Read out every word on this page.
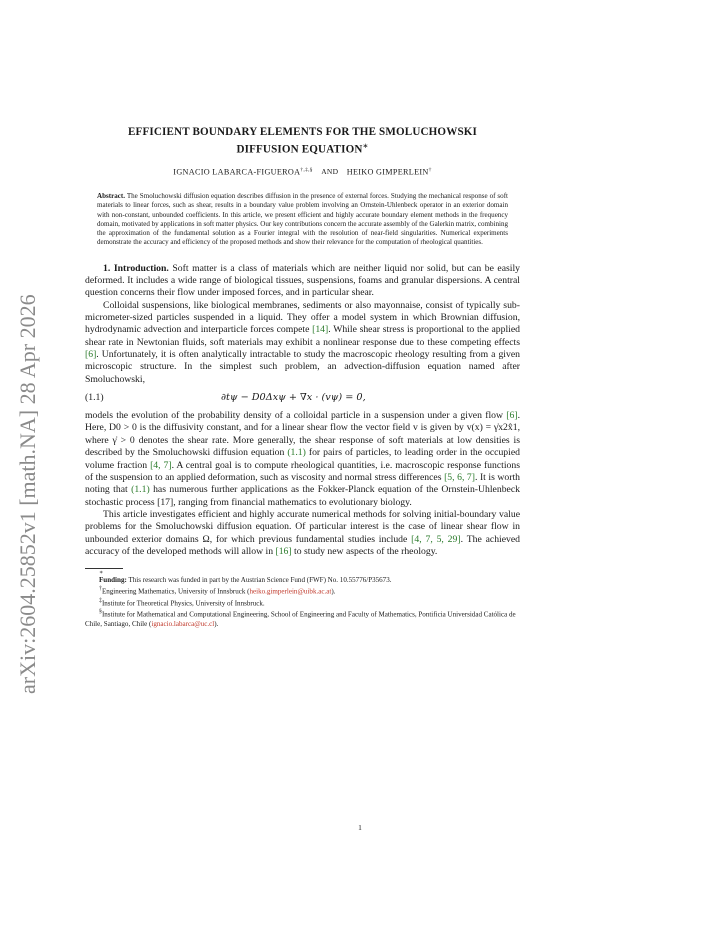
arXiv:2604.25852v1 [math.NA] 28 Apr 2026
EFFICIENT BOUNDARY ELEMENTS FOR THE SMOLUCHOWSKI
DIFFUSION EQUATION∗
IGNACIO LABARCA-FIGUEROA†,‡,§ AND HEIKO GIMPERLEIN†
Abstract. The Smoluchowski diffusion equation describes diffusion in the presence of external forces. Studying the mechanical response of soft materials to linear forces, such as shear, results in a boundary value problem involving an Ornstein-Uhlenbeck operator in an exterior domain with non-constant, unbounded coefficients. In this article, we present efficient and highly accurate boundary element methods in the frequency domain, motivated by applications in soft matter physics. Our key contributions concern the accurate assembly of the Galerkin matrix, combining the approximation of the fundamental solution as a Fourier integral with the resolution of near-field singularities. Numerical experiments demonstrate the accuracy and efficiency of the proposed methods and show their relevance for the computation of rheological quantities.

1. Introduction. Soft matter is a class of materials which are neither liquid nor solid, but can be easily deformed. It includes a wide range of biological tissues, suspensions, foams and granular dispersions. A central question concerns their flow under imposed forces, and in particular shear.

Colloidal suspensions, like biological membranes, sediments or also mayonnaise, consist of typically sub-micrometer-sized particles suspended in a liquid. They offer a model system in which Brownian diffusion, hydrodynamic advection and interparticle forces compete [14]. While shear stress is proportional to the applied shear rate in Newtonian fluids, soft materials may exhibit a nonlinear response due to these competing effects [6]. Unfortunately, it is often analytically intractable to study the macroscopic rheology resulting from a given microscopic structure. In the simplest such problem, an advection-diffusion equation named after Smoluchowski,

(1.1)	∂tψ − D0Δxψ + ∇x · (vψ) = 0,

models the evolution of the probability density of a colloidal particle in a suspension under a given flow [6]. Here, D0 > 0 is the diffusivity constant, and for a linear shear flow the vector field v is given by v(x) = γ̇x2x̂1, where γ̇ > 0 denotes the shear rate. More generally, the shear response of soft materials at low densities is described by the Smoluchowski diffusion equation (1.1) for pairs of particles, to leading order in the occupied volume fraction [4, 7]. A central goal is to compute rheological quantities, i.e. macroscopic response functions of the suspension to an applied deformation, such as viscosity and normal stress differences [5, 6, 7]. It is worth noting that (1.1) has numerous further applications as the Fokker-Planck equation of the Ornstein-Uhlenbeck stochastic process [17], ranging from financial mathematics to evolutionary biology.

This article investigates efficient and highly accurate numerical methods for solving initial-boundary value problems for the Smoluchowski diffusion equation. Of particular interest is the case of linear shear flow in unbounded exterior domains Ω, for which previous fundamental studies include [4, 7, 5, 29]. The achieved accuracy of the developed methods will allow in [16] to study new aspects of the rheology.

∗

Funding: This research was funded in part by the Austrian Science Fund (FWF) No. 10.55776/P35673.

†Engineering Mathematics, University of Innsbruck (heiko.gimperlein@uibk.ac.at).

‡Institute for Theoretical Physics, University of Innsbruck.

§Institute for Mathematical and Computational Engineering, School of Engineering and Faculty of Mathematics, Pontificia Universidad Católica de Chile, Santiago, Chile (ignacio.labarca@uc.cl).

1
